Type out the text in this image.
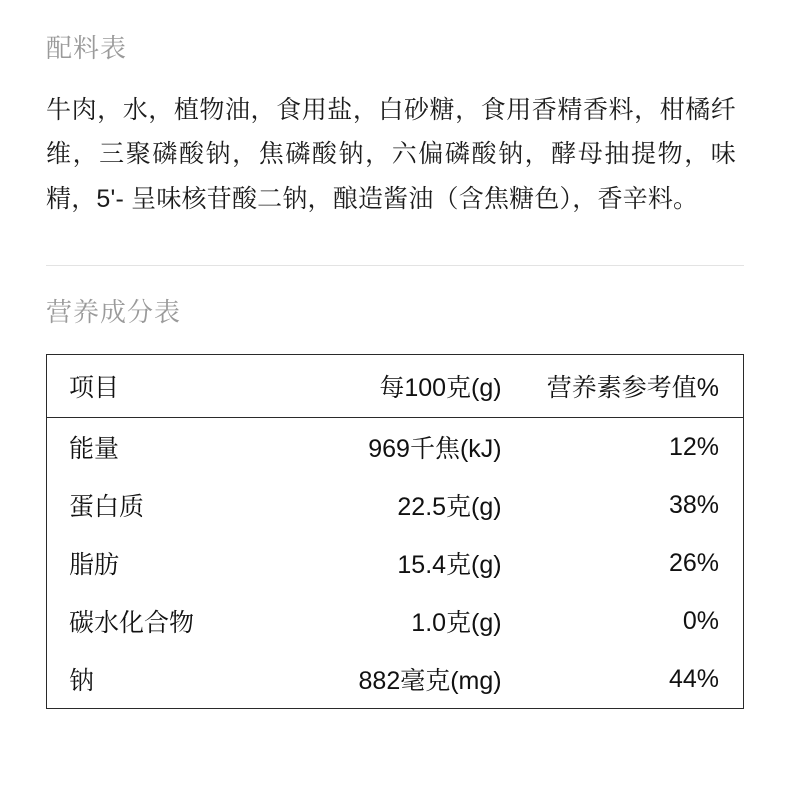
配料表

牛肉，水，植物油，食用盐，白砂糖，食用香精香料，柑橘纤维，三聚磷酸钠，焦磷酸钠，六偏磷酸钠，酵母抽提物，味精，5'- 呈味核苷酸二钠，酿造酱油（含焦糖色），香辛料。

营养成分表
项目	每100克(g)	营养素参考值%
能量	969千焦(kJ)	12%
蛋白质	22.5克(g)	38%
脂肪	15.4克(g)	26%
碳水化合物	1.0克(g)	0%
钠	882毫克(mg)	44%
